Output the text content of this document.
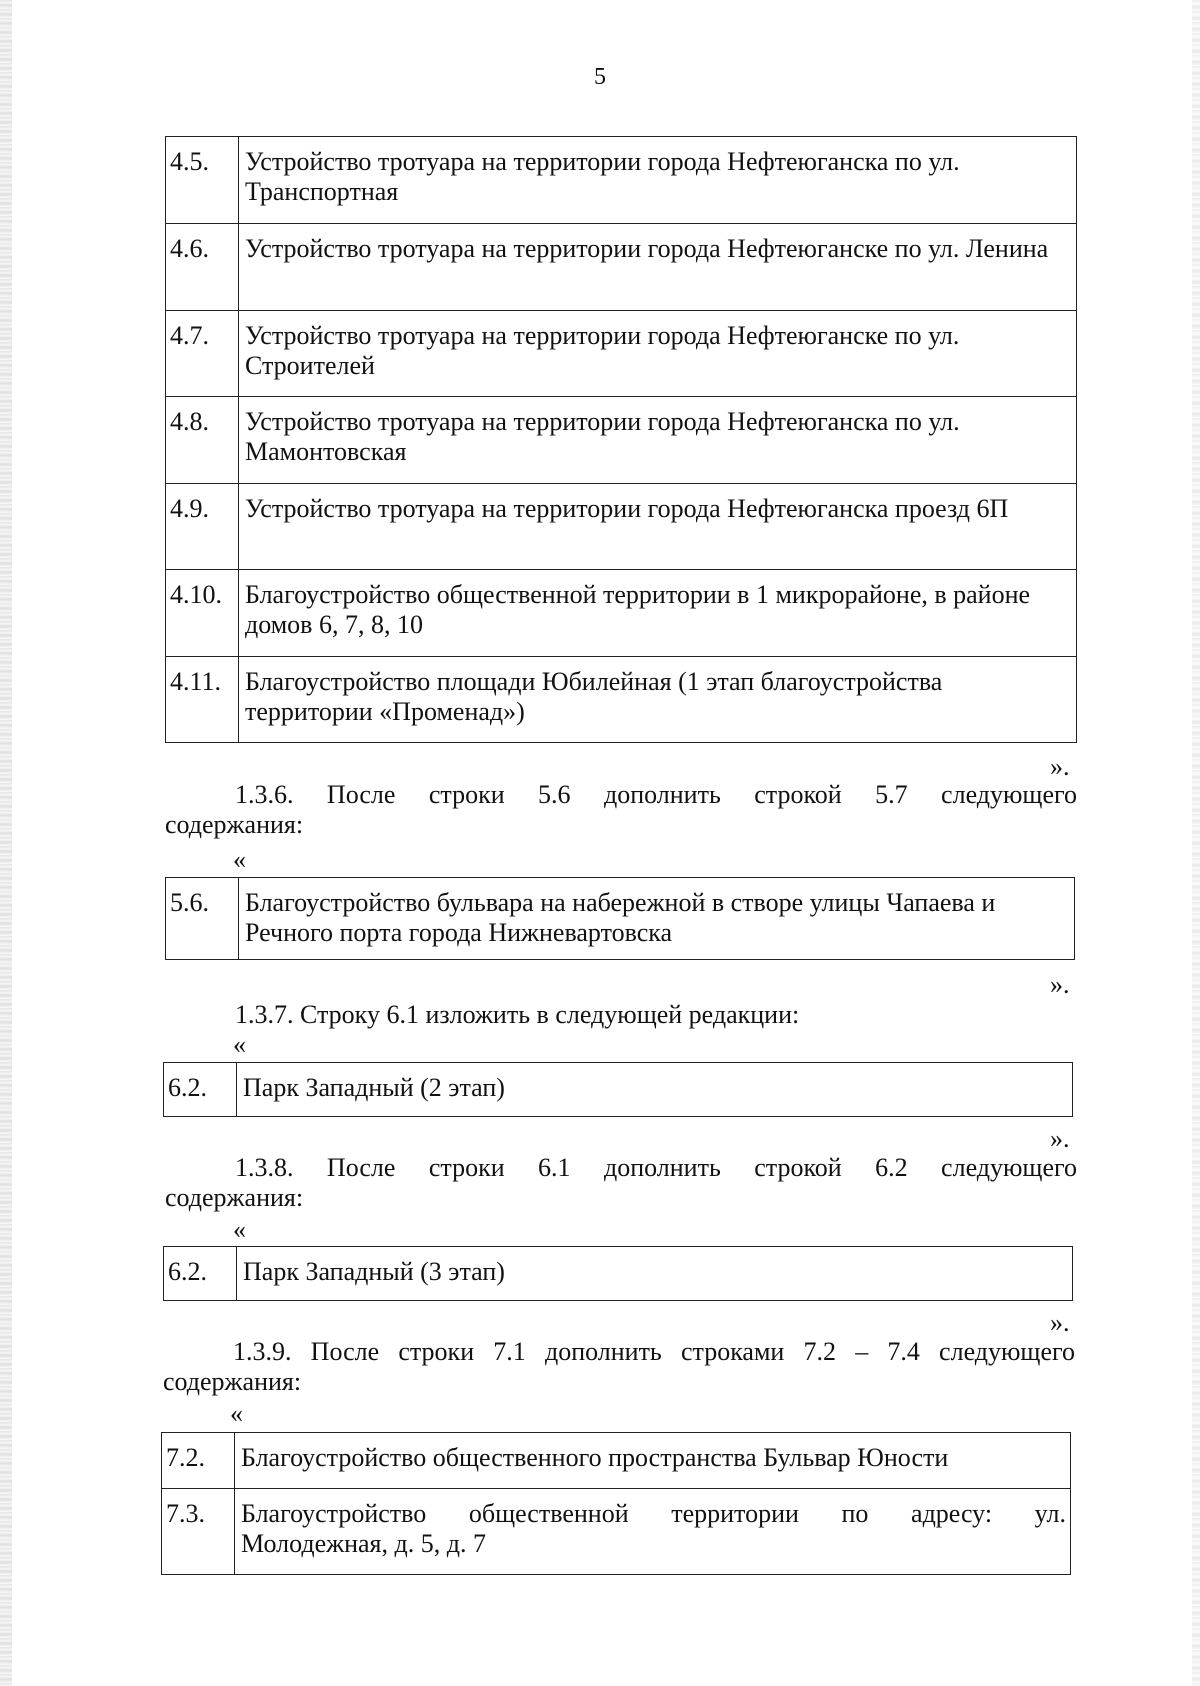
5
4.5.	Устройство тротуара на территории города Нефтеюганска по ул. Транспортная
4.6.	Устройство тротуара на территории города Нефтеюганске по ул. Ленина
4.7.	Устройство тротуара на территории города Нефтеюганске по ул. Строителей
4.8.	Устройство тротуара на территории города Нефтеюганска по ул. Мамонтовская
4.9.	Устройство тротуара на территории города Нефтеюганска проезд 6П
4.10.	Благоустройство общественной территории в 1 микрорайоне, в районе домов 6, 7, 8, 10
4.11.	Благоустройство площади Юбилейная (1 этап благоустройства территории «Променад»)
».
1.3.6. После строки 5.6 дополнить строкой 5.7 следующего
содержания:
«
5.6.	Благоустройство бульвара на набережной в створе улицы Чапаева и Речного порта города Нижневартовска
».
1.3.7. Строку 6.1 изложить в следующей редакции:
«
6.2.	Парк Западный (2 этап)
».
1.3.8. После строки 6.1 дополнить строкой 6.2 следующего
содержания:
«
6.2.	Парк Западный (3 этап)
».
1.3.9. После строки 7.1 дополнить строками 7.2 – 7.4 следующего
содержания:
«
7.2.	Благоустройство общественного пространства Бульвар Юности
7.3.	Благоустройство общественной территории по адресу: ул.
Молодежная, д. 5, д. 7
